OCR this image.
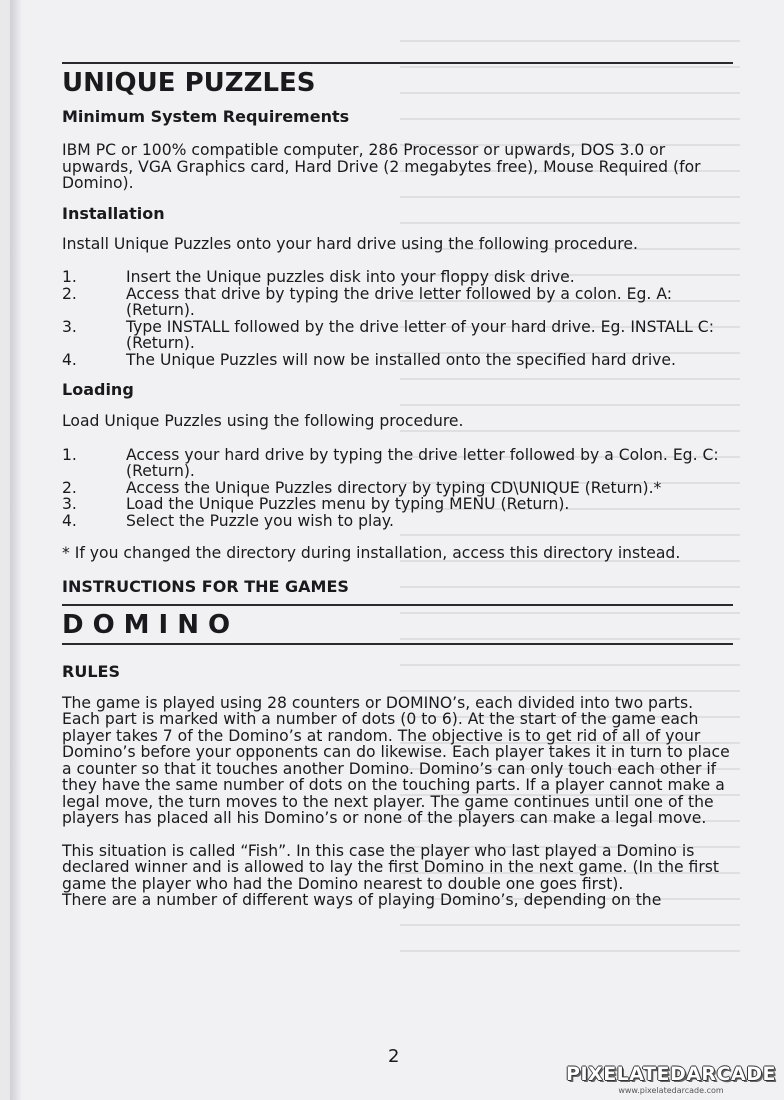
UNIQUE PUZZLES
Minimum System Requirements

IBM PC or 100% compatible computer, 286 Processor or upwards, DOS 3.0 or upwards, VGA Graphics card, Hard Drive (2 megabytes free), Mouse Required (for Domino).

Installation

Install Unique Puzzles onto your hard drive using the following procedure.

1.	Insert the Unique puzzles disk into your floppy disk drive.
2.	Access that drive by typing the drive letter followed by a colon. Eg. A: (Return).
3.	Type INSTALL followed by the drive letter of your hard drive. Eg. INSTALL C: (Return).
4.	The Unique Puzzles will now be installed onto the specified hard drive.
Loading

Load Unique Puzzles using the following procedure.

1.	Access your hard drive by typing the drive letter followed by a Colon. Eg. C: (Return).
2.	Access the Unique Puzzles directory by typing CD\UNIQUE (Return).*
3.	Load the Unique Puzzles menu by typing MENU (Return).
4.	Select the Puzzle you wish to play.

* If you changed the directory during installation, access this directory instead.

INSTRUCTIONS FOR THE GAMES
DOMINO
RULES

The game is played using 28 counters or DOMINO’s, each divided into two parts. Each part is marked with a number of dots (0 to 6). At the start of the game each player takes 7 of the Domino’s at random. The objective is to get rid of all of your Domino’s before your opponents can do likewise. Each player takes it in turn to place a counter so that it touches another Domino. Domino’s can only touch each other if they have the same number of dots on the touching parts. If a player cannot make a legal move, the turn moves to the next player. The game continues until one of the players has placed all his Domino’s or none of the players can make a legal move.

This situation is called “Fish”. In this case the player who last played a Domino is declared winner and is allowed to lay the first Domino in the next game. (In the first game the player who had the Domino nearest to double one goes first).

There are a number of different ways of playing Domino’s, depending on the

2
PIXELATEDARCADE
www.pixelatedarcade.com
